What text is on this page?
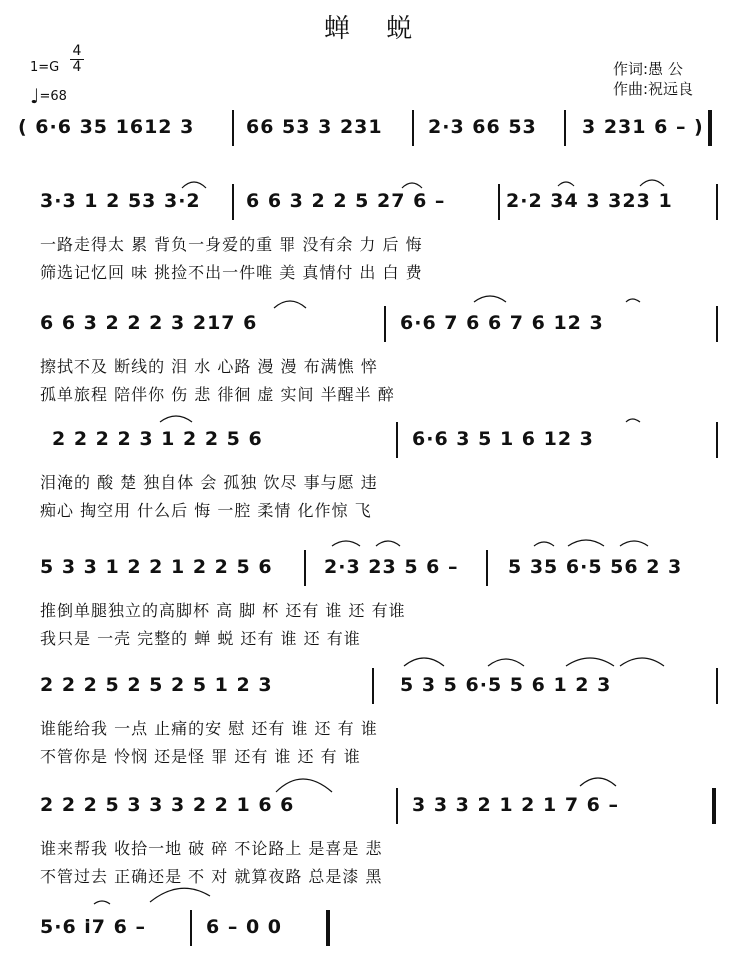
蝉 蜕
1=G
4
4
♩=68
作词:愚 公
作曲:祝远良
( 6·6 35 1612 3	66 53 3 231 2·3 66 53 3 231 6 – )
3·3 1 2 53 3·2 6 6 3 2 2 5 27 6 –	2·2 34 3 323 1
一路走得太 累 背负一身爱的重 罪 没有余 力 后 悔
筛选记忆回 味 挑捡不出一件唯 美 真情付 出 白 费
6 6 3 2 2 2 3 217 6	6·6 7 6 6 7 6 12 3
擦拭不及 断线的 泪 水 心路 漫 漫 布满憔 悴
孤单旅程 陪伴你 伤 悲 徘徊 虚 实间 半醒半 醉
2 2 2 2 3 1 2 2 5 6	6·6 3 5 1 6 12 3
泪淹的 酸 楚 独自体 会 孤独 饮尽 事与愿 违
痴心 掏空用 什么后 悔 一腔 柔情 化作惊 飞
5 3 3 1 2 2 1 2 2 5 6	2·3 23 5 6 –	5 35 6·5 56 2 3
推倒单腿独立的高脚杯 高 脚 杯 还有 谁 还 有谁
我只是 一壳 完整的 蝉 蜕 还有 谁 还 有谁
2 2 2 5 2 5 2 5 1 2 3	5 3 5 6·5 5 6 1 2 3
谁能给我 一点 止痛的安 慰 还有 谁 还 有 谁
不管你是 怜悯 还是怪 罪 还有 谁 还 有 谁
2 2 2 5 3 3 3 2 2 1 6 6	3 3 3 2 1 2 1 7 6 –
谁来帮我 收拾一地 破 碎 不论路上 是喜是 悲
不管过去 正确还是 不 对 就算夜路 总是漆 黑
5·6 i7 6 –	6 – 0 0
